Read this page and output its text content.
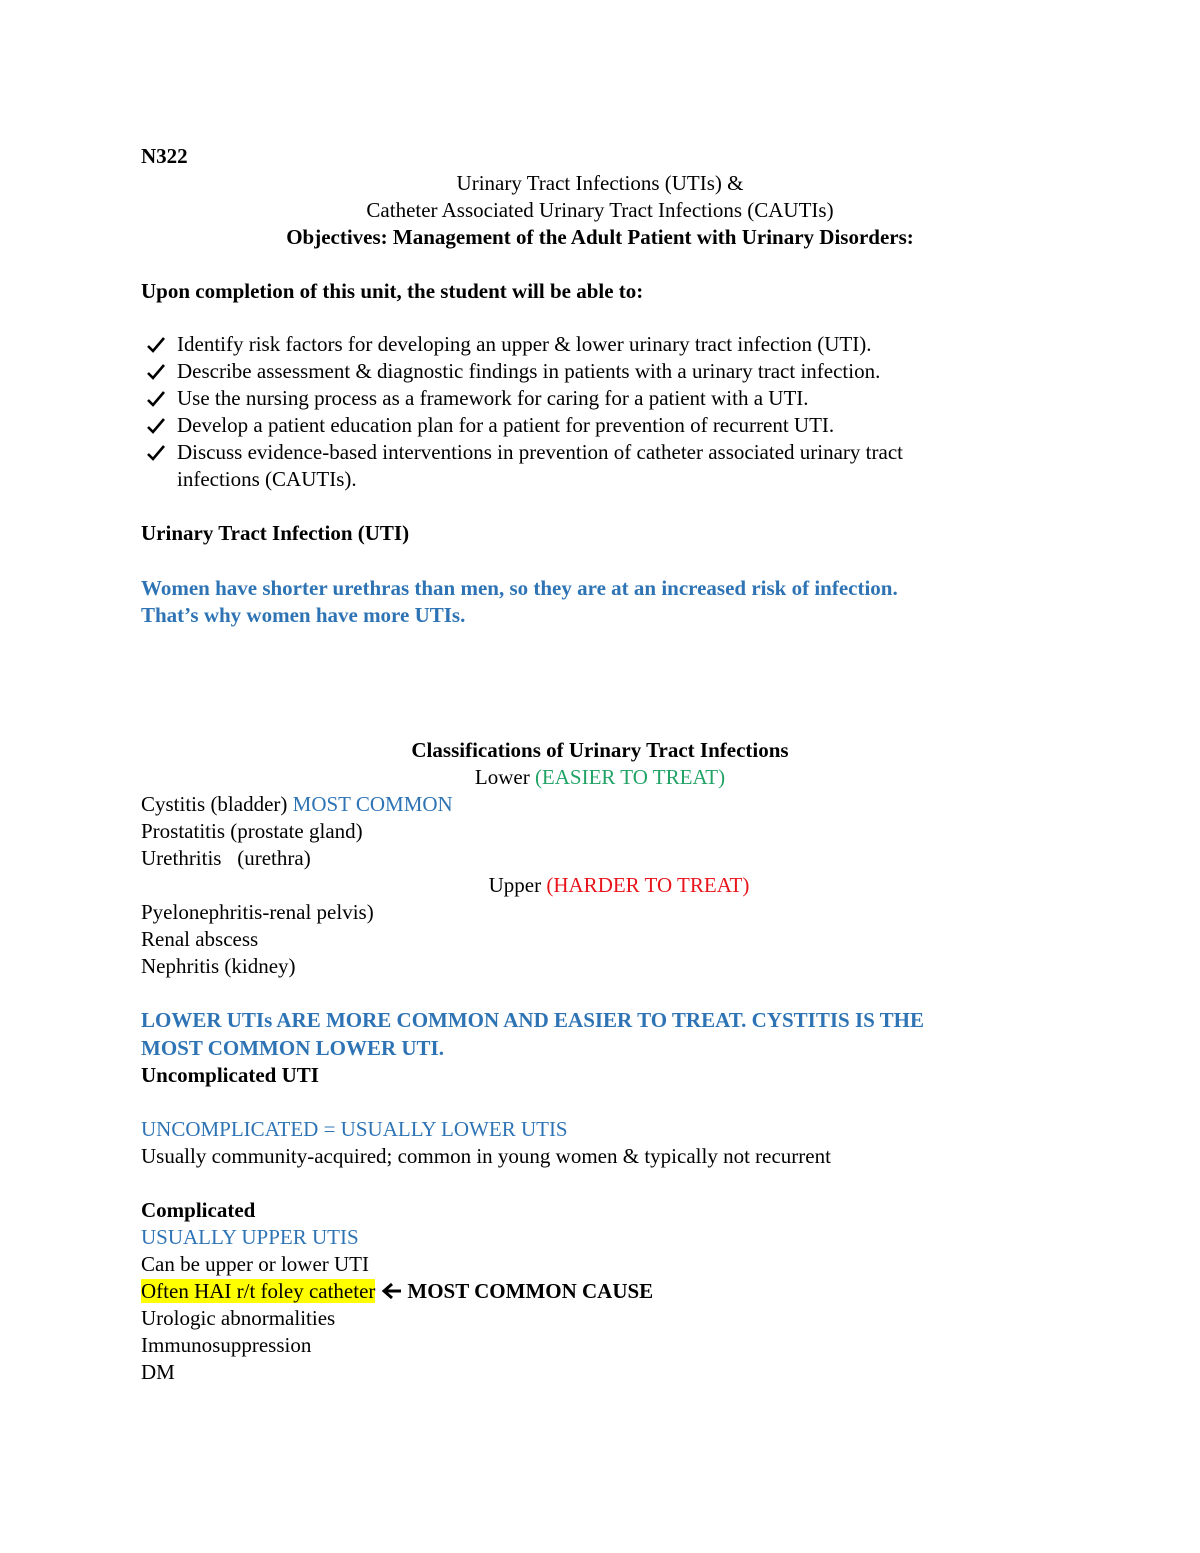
N322
Urinary Tract Infections (UTIs) &
Catheter Associated Urinary Tract Infections (CAUTIs)
Objectives: Management of the Adult Patient with Urinary Disorders:
Upon completion of this unit, the student will be able to:
Identify risk factors for developing an upper & lower urinary tract infection (UTI).
Describe assessment & diagnostic findings in patients with a urinary tract infection.
Use the nursing process as a framework for caring for a patient with a UTI.
Develop a patient education plan for a patient for prevention of recurrent UTI.
Discuss evidence-based interventions in prevention of catheter associated urinary tract
infections (CAUTIs).
Urinary Tract Infection (UTI)
Women have shorter urethras than men, so they are at an increased risk of infection.
That’s why women have more UTIs.
Classifications of Urinary Tract Infections
Lower (EASIER TO TREAT)
Cystitis (bladder) MOST COMMON
Prostatitis (prostate gland)
Urethritis   (urethra)
Upper (HARDER TO TREAT)
Pyelonephritis-renal pelvis)
Renal abscess
Nephritis (kidney)
LOWER UTIs ARE MORE COMMON AND EASIER TO TREAT. CYSTITIS IS THE
MOST COMMON LOWER UTI.
Uncomplicated UTI
UNCOMPLICATED = USUALLY LOWER UTIS
Usually community-acquired; common in young women & typically not recurrent
Complicated
USUALLY UPPER UTIS
Can be upper or lower UTI
Often HAI r/t foley catheter MOST COMMON CAUSE
Urologic abnormalities
Immunosuppression
DM
